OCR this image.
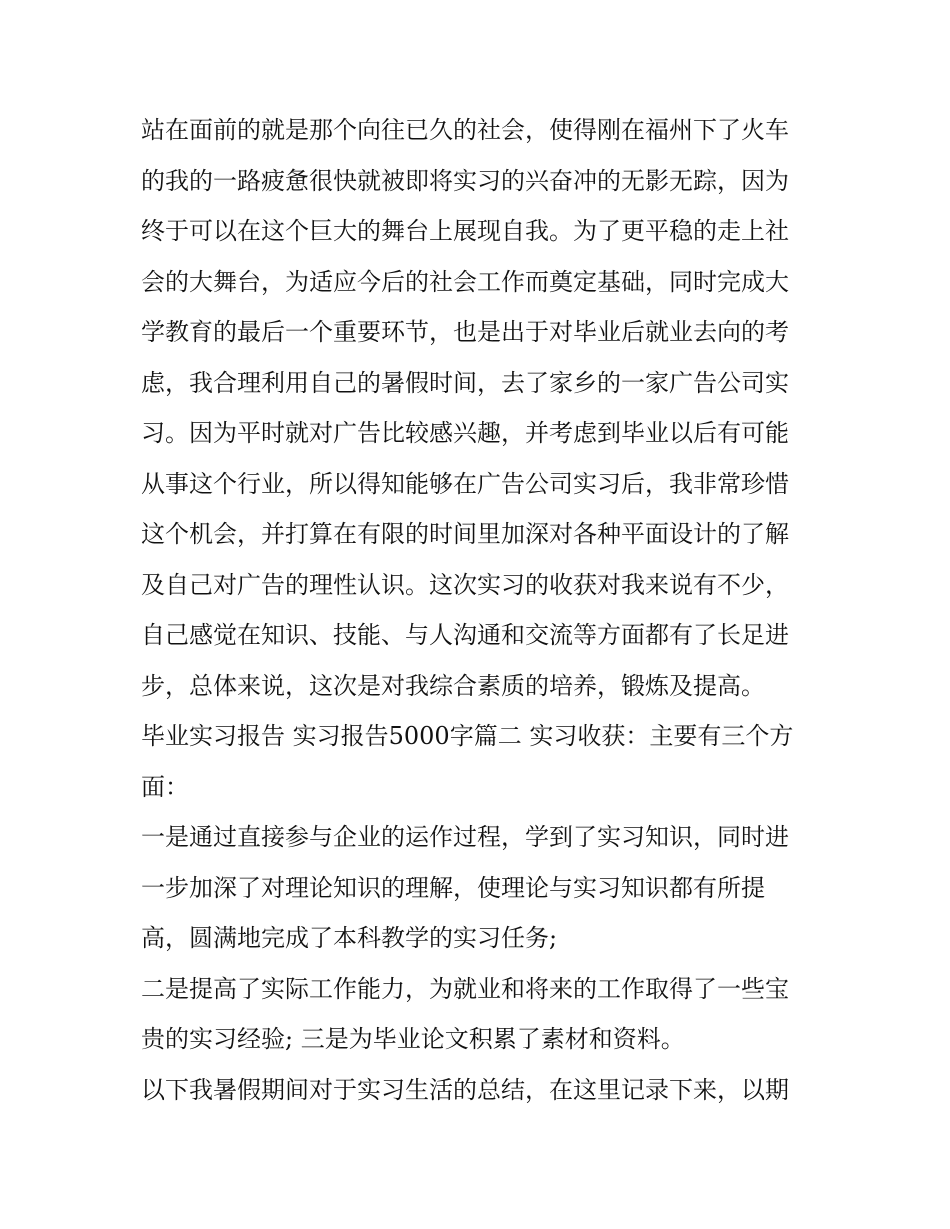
站在面前的就是那个向往已久的社会，使得刚在福州下了火车
的我的一路疲惫很快就被即将实习的兴奋冲的无影无踪，因为
终于可以在这个巨大的舞台上展现自我。为了更平稳的走上社
会的大舞台，为适应今后的社会工作而奠定基础，同时完成大
学教育的最后一个重要环节，也是出于对毕业后就业去向的考
虑，我合理利用自己的暑假时间，去了家乡的一家广告公司实
习。因为平时就对广告比较感兴趣，并考虑到毕业以后有可能
从事这个行业，所以得知能够在广告公司实习后，我非常珍惜
这个机会，并打算在有限的时间里加深对各种平面设计的了解
及自己对广告的理性认识。这次实习的收获对我来说有不少，
自己感觉在知识、技能、与人沟通和交流等方面都有了长足进
步，总体来说，这次是对我综合素质的培养，锻炼及提高。
毕业实习报告 实习报告5000字篇二 实习收获：主要有三个方
面：
一是通过直接参与企业的运作过程，学到了实习知识，同时进
一步加深了对理论知识的理解，使理论与实习知识都有所提
高，圆满地完成了本科教学的实习任务;
二是提高了实际工作能力，为就业和将来的工作取得了一些宝
贵的实习经验; 三是为毕业论文积累了素材和资料。
以下我暑假期间对于实习生活的总结，在这里记录下来，以期
